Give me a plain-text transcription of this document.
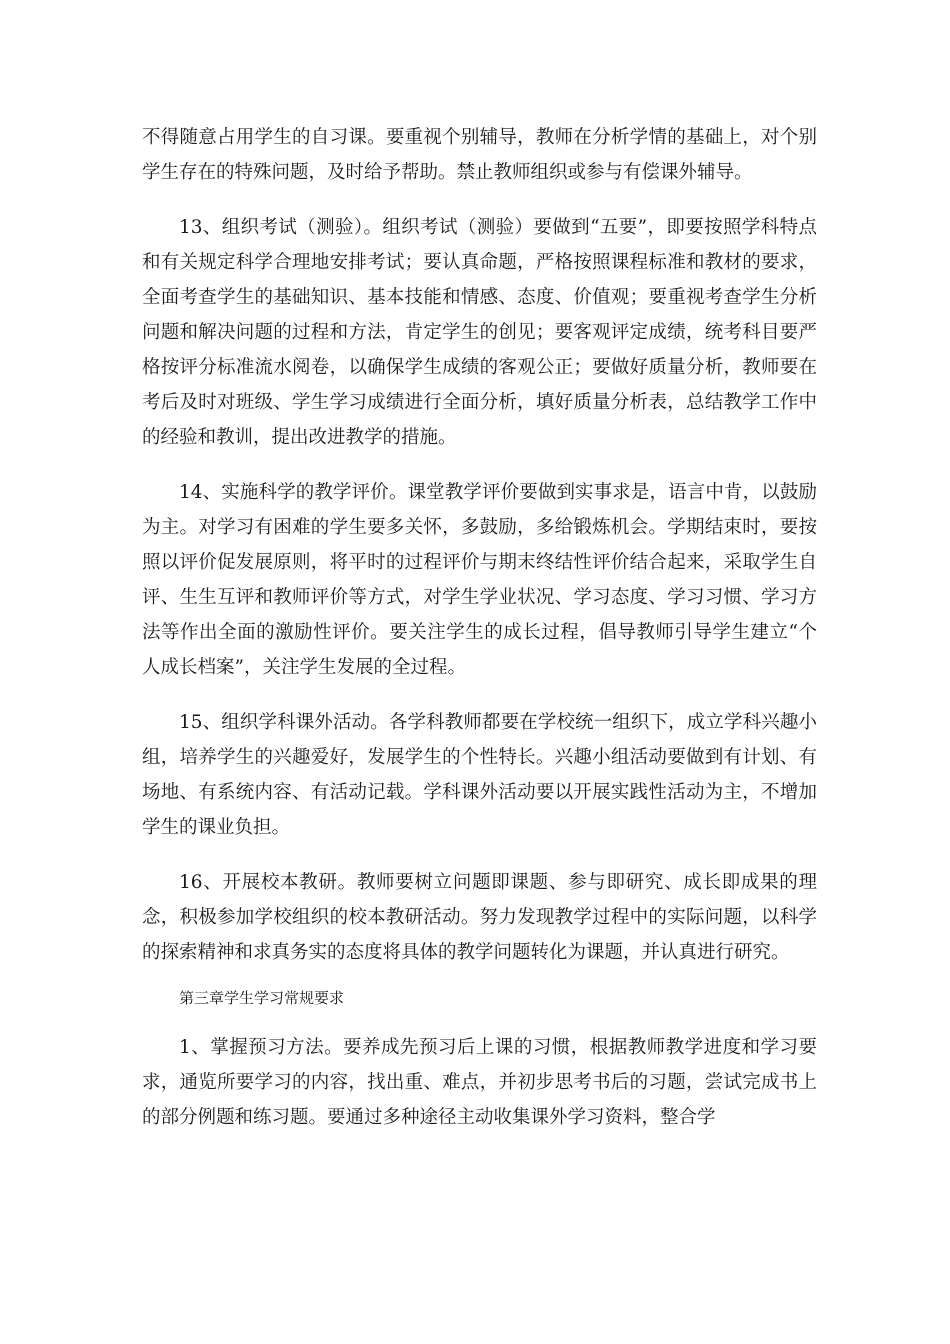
不得随意占用学生的自习课。要重视个别辅导，教师在分析学情的基础上，对个别学生存在的特殊问题，及时给予帮助。禁止教师组织或参与有偿课外辅导。

13、组织考试（测验）。组织考试（测验）要做到“五要”，即要按照学科特点和有关规定科学合理地安排考试；要认真命题，严格按照课程标准和教材的要求，全面考查学生的基础知识、基本技能和情感、态度、价值观；要重视考查学生分析问题和解决问题的过程和方法，肯定学生的创见；要客观评定成绩，统考科目要严格按评分标准流水阅卷，以确保学生成绩的客观公正；要做好质量分析，教师要在考后及时对班级、学生学习成绩进行全面分析，填好质量分析表，总结教学工作中的经验和教训，提出改进教学的措施。

14、实施科学的教学评价。课堂教学评价要做到实事求是，语言中肯，以鼓励为主。对学习有困难的学生要多关怀，多鼓励，多给锻炼机会。学期结束时，要按照以评价促发展原则，将平时的过程评价与期末终结性评价结合起来，采取学生自评、生生互评和教师评价等方式，对学生学业状况、学习态度、学习习惯、学习方法等作出全面的激励性评价。要关注学生的成长过程，倡导教师引导学生建立“个人成长档案”，关注学生发展的全过程。

15、组织学科课外活动。各学科教师都要在学校统一组织下，成立学科兴趣小组，培养学生的兴趣爱好，发展学生的个性特长。兴趣小组活动要做到有计划、有场地、有系统内容、有活动记载。学科课外活动要以开展实践性活动为主，不增加学生的课业负担。

16、开展校本教研。教师要树立问题即课题、参与即研究、成长即成果的理念，积极参加学校组织的校本教研活动。努力发现教学过程中的实际问题，以科学的探索精神和求真务实的态度将具体的教学问题转化为课题，并认真进行研究。

第三章学生学习常规要求

1、掌握预习方法。要养成先预习后上课的习惯，根据教师教学进度和学习要求，通览所要学习的内容，找出重、难点，并初步思考书后的习题，尝试完成书上的部分例题和练习题。要通过多种途径主动收集课外学习资料，整合学
